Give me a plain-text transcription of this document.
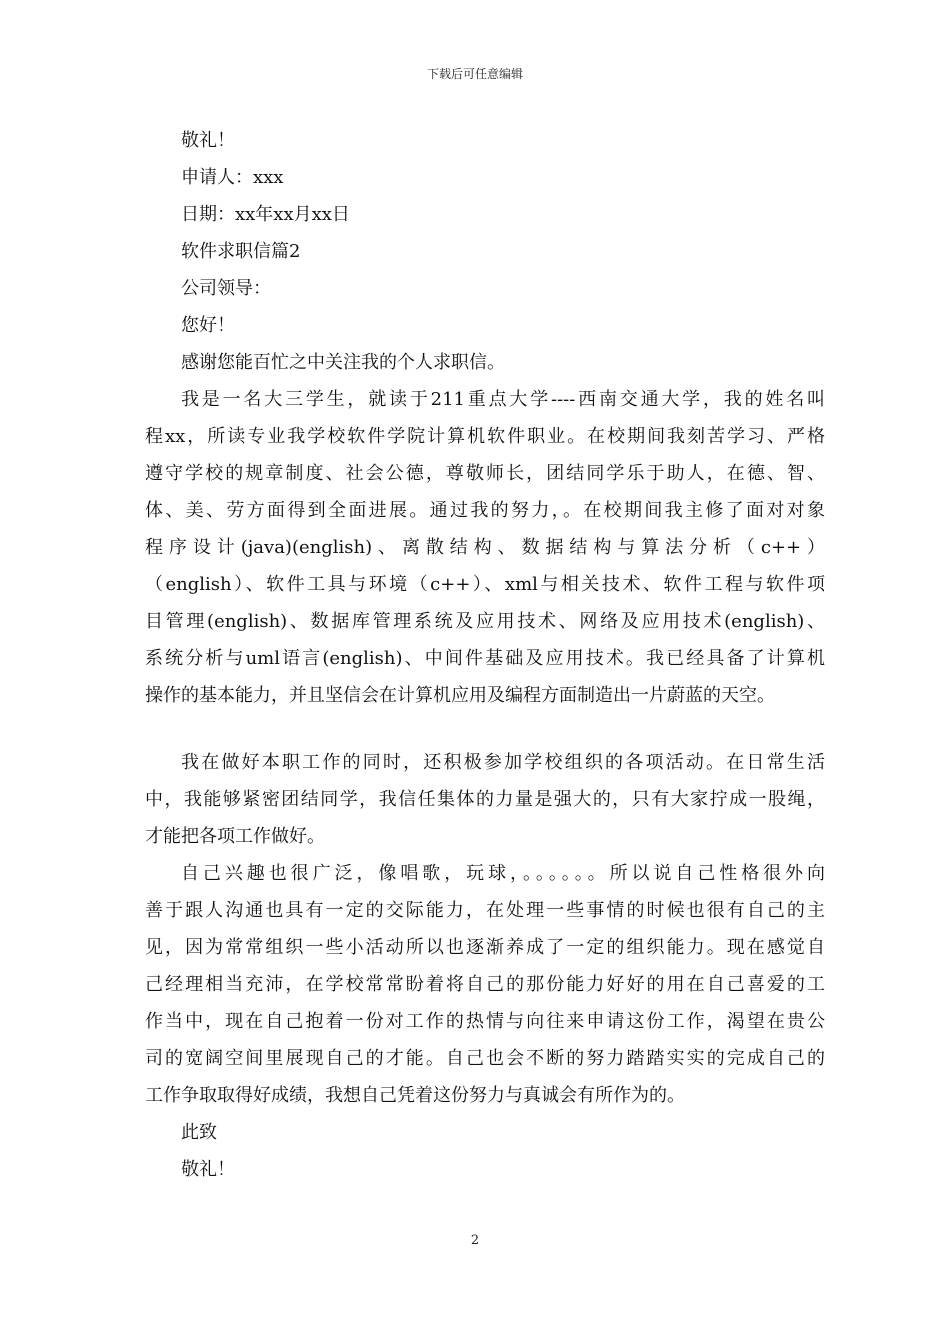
下载后可任意编辑
敬礼！
申请人：xxx
日期：xx年xx月xx日
软件求职信篇2
公司领导：
您好！
感谢您能百忙之中关注我的个人求职信。
我是一名大三学生，就读于211重点大学----西南交通大学，我的姓名叫
程xx，所读专业我学校软件学院计算机软件职业。在校期间我刻苦学习、严格
遵守学校的规章制度、社会公德，尊敬师长，团结同学乐于助人，在德、智、
体、美、劳方面得到全面进展。通过我的努力，。在校期间我主修了面对对象
程序设计(java)(english)、离散结构、数据结构与算法分析（c++）
（english）、软件工具与环境（c++）、xml与相关技术、软件工程与软件项
目管理(english)、数据库管理系统及应用技术、网络及应用技术(english)、
系统分析与uml语言(english)、中间件基础及应用技术。我已经具备了计算机
操作的基本能力，并且坚信会在计算机应用及编程方面制造出一片蔚蓝的天空。
我在做好本职工作的同时，还积极参加学校组织的各项活动。在日常生活
中，我能够紧密团结同学，我信任集体的力量是强大的，只有大家拧成一股绳，
才能把各项工作做好。
自己兴趣也很广泛，像唱歌，玩球，。。。。。。所以说自己性格很外向
善于跟人沟通也具有一定的交际能力，在处理一些事情的时候也很有自己的主
见，因为常常组织一些小活动所以也逐渐养成了一定的组织能力。现在感觉自
己经理相当充沛，在学校常常盼着将自己的那份能力好好的用在自己喜爱的工
作当中，现在自己抱着一份对工作的热情与向往来申请这份工作，渴望在贵公
司的宽阔空间里展现自己的才能。自己也会不断的努力踏踏实实的完成自己的
工作争取取得好成绩，我想自己凭着这份努力与真诚会有所作为的。
此致
敬礼！
2
